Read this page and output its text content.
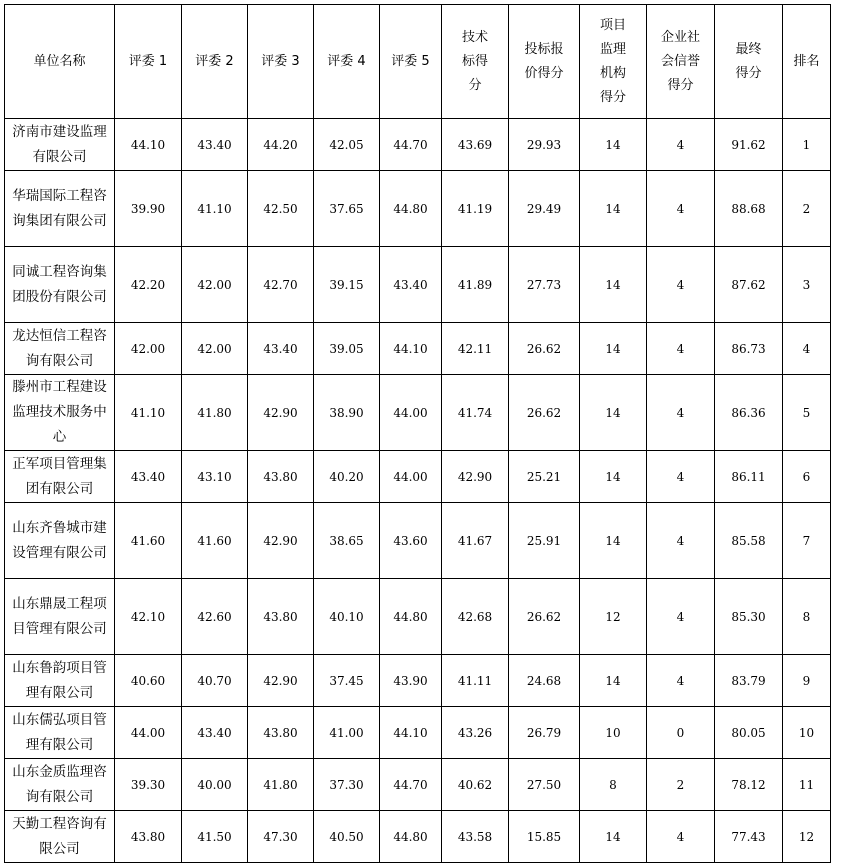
单位名称	评委 1	评委 2	评委 3	评委 4	评委 5	技术标得分	投标报价得分	项目监理机构得分	企业社会信誉得分	最终得分	排名
济南市建设监理有限公司	44.10	43.40	44.20	42.05	44.70	43.69	29.93	14	4	91.62	1
华瑞国际工程咨询集团有限公司	39.90	41.10	42.50	37.65	44.80	41.19	29.49	14	4	88.68	2
同诚工程咨询集团股份有限公司	42.20	42.00	42.70	39.15	43.40	41.89	27.73	14	4	87.62	3
龙达恒信工程咨询有限公司	42.00	42.00	43.40	39.05	44.10	42.11	26.62	14	4	86.73	4
滕州市工程建设监理技术服务中心	41.10	41.80	42.90	38.90	44.00	41.74	26.62	14	4	86.36	5
正军项目管理集团有限公司	43.40	43.10	43.80	40.20	44.00	42.90	25.21	14	4	86.11	6
山东齐鲁城市建设管理有限公司	41.60	41.60	42.90	38.65	43.60	41.67	25.91	14	4	85.58	7
山东鼎晟工程项目管理有限公司	42.10	42.60	43.80	40.10	44.80	42.68	26.62	12	4	85.30	8
山东鲁韵项目管理有限公司	40.60	40.70	42.90	37.45	43.90	41.11	24.68	14	4	83.79	9
山东儒弘项目管理有限公司	44.00	43.40	43.80	41.00	44.10	43.26	26.79	10	0	80.05	10
山东金质监理咨询有限公司	39.30	40.00	41.80	37.30	44.70	40.62	27.50	8	2	78.12	11
天勤工程咨询有限公司	43.80	41.50	47.30	40.50	44.80	43.58	15.85	14	4	77.43	12
